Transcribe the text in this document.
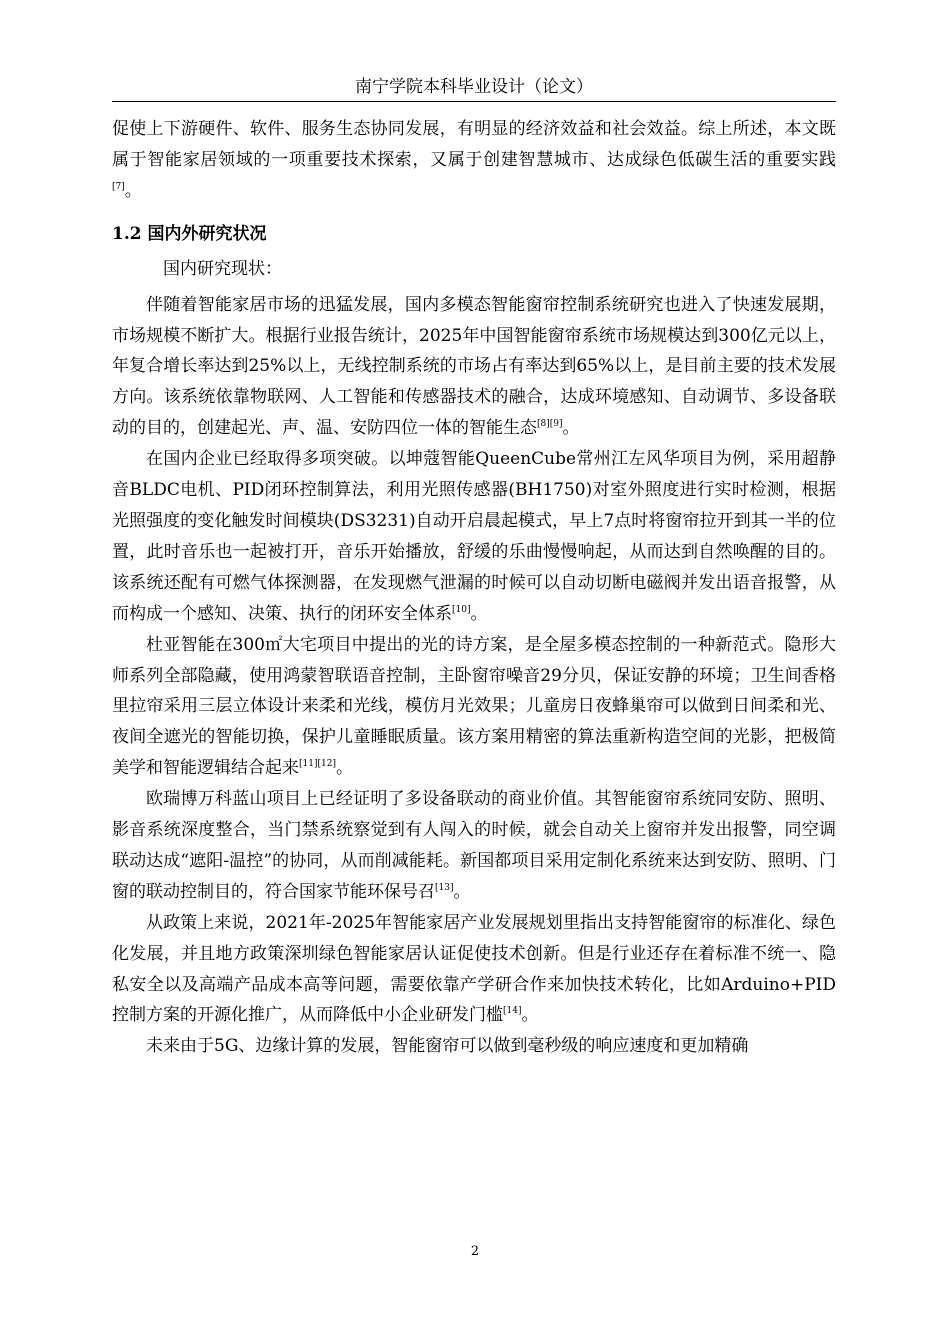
南宁学院本科毕业设计（论文）

促使上下游硬件、软件、服务生态协同发展，有明显的经济效益和社会效益。综上所述，本文既属于智能家居领域的一项重要技术探索，又属于创建智慧城市、达成绿色低碳生活的重要实践[7]。

1.2 国内外研究状况

国内研究现状：

伴随着智能家居市场的迅猛发展，国内多模态智能窗帘控制系统研究也进入了快速发展期，市场规模不断扩大。根据行业报告统计，2025年中国智能窗帘系统市场规模达到300亿元以上，年复合增长率达到25%以上，无线控制系统的市场占有率达到65%以上，是目前主要的技术发展方向。该系统依靠物联网、人工智能和传感器技术的融合，达成环境感知、自动调节、多设备联动的目的，创建起光、声、温、安防四位一体的智能生态[8][9]。

在国内企业已经取得多项突破。以坤蔻智能QueenCube常州江左风华项目为例，采用超静音BLDC电机、PID闭环控制算法，利用光照传感器(BH1750)对室外照度进行实时检测，根据光照强度的变化触发时间模块(DS3231)自动开启晨起模式，早上7点时将窗帘拉开到其一半的位置，此时音乐也一起被打开，音乐开始播放，舒缓的乐曲慢慢响起，从而达到自然唤醒的目的。该系统还配有可燃气体探测器，在发现燃气泄漏的时候可以自动切断电磁阀并发出语音报警，从而构成一个感知、决策、执行的闭环安全体系[10]。

杜亚智能在300㎡大宅项目中提出的光的诗方案，是全屋多模态控制的一种新范式。隐形大师系列全部隐藏，使用鸿蒙智联语音控制，主卧窗帘噪音29分贝，保证安静的环境；卫生间香格里拉帘采用三层立体设计来柔和光线，模仿月光效果；儿童房日夜蜂巢帘可以做到日间柔和光、夜间全遮光的智能切换，保护儿童睡眠质量。该方案用精密的算法重新构造空间的光影，把极简美学和智能逻辑结合起来[11][12]。

欧瑞博万科蓝山项目上已经证明了多设备联动的商业价值。其智能窗帘系统同安防、照明、影音系统深度整合，当门禁系统察觉到有人闯入的时候，就会自动关上窗帘并发出报警，同空调联动达成“遮阳-温控”的协同，从而削减能耗。新国都项目采用定制化系统来达到安防、照明、门窗的联动控制目的，符合国家节能环保号召[13]。

从政策上来说，2021年-2025年智能家居产业发展规划里指出支持智能窗帘的标准化、绿色化发展，并且地方政策深圳绿色智能家居认证促使技术创新。但是行业还存在着标准不统一、隐私安全以及高端产品成本高等问题，需要依靠产学研合作来加快技术转化，比如Arduino+PID控制方案的开源化推广，从而降低中小企业研发门槛[14]。

未来由于5G、边缘计算的发展，智能窗帘可以做到毫秒级的响应速度和更加精确

2
